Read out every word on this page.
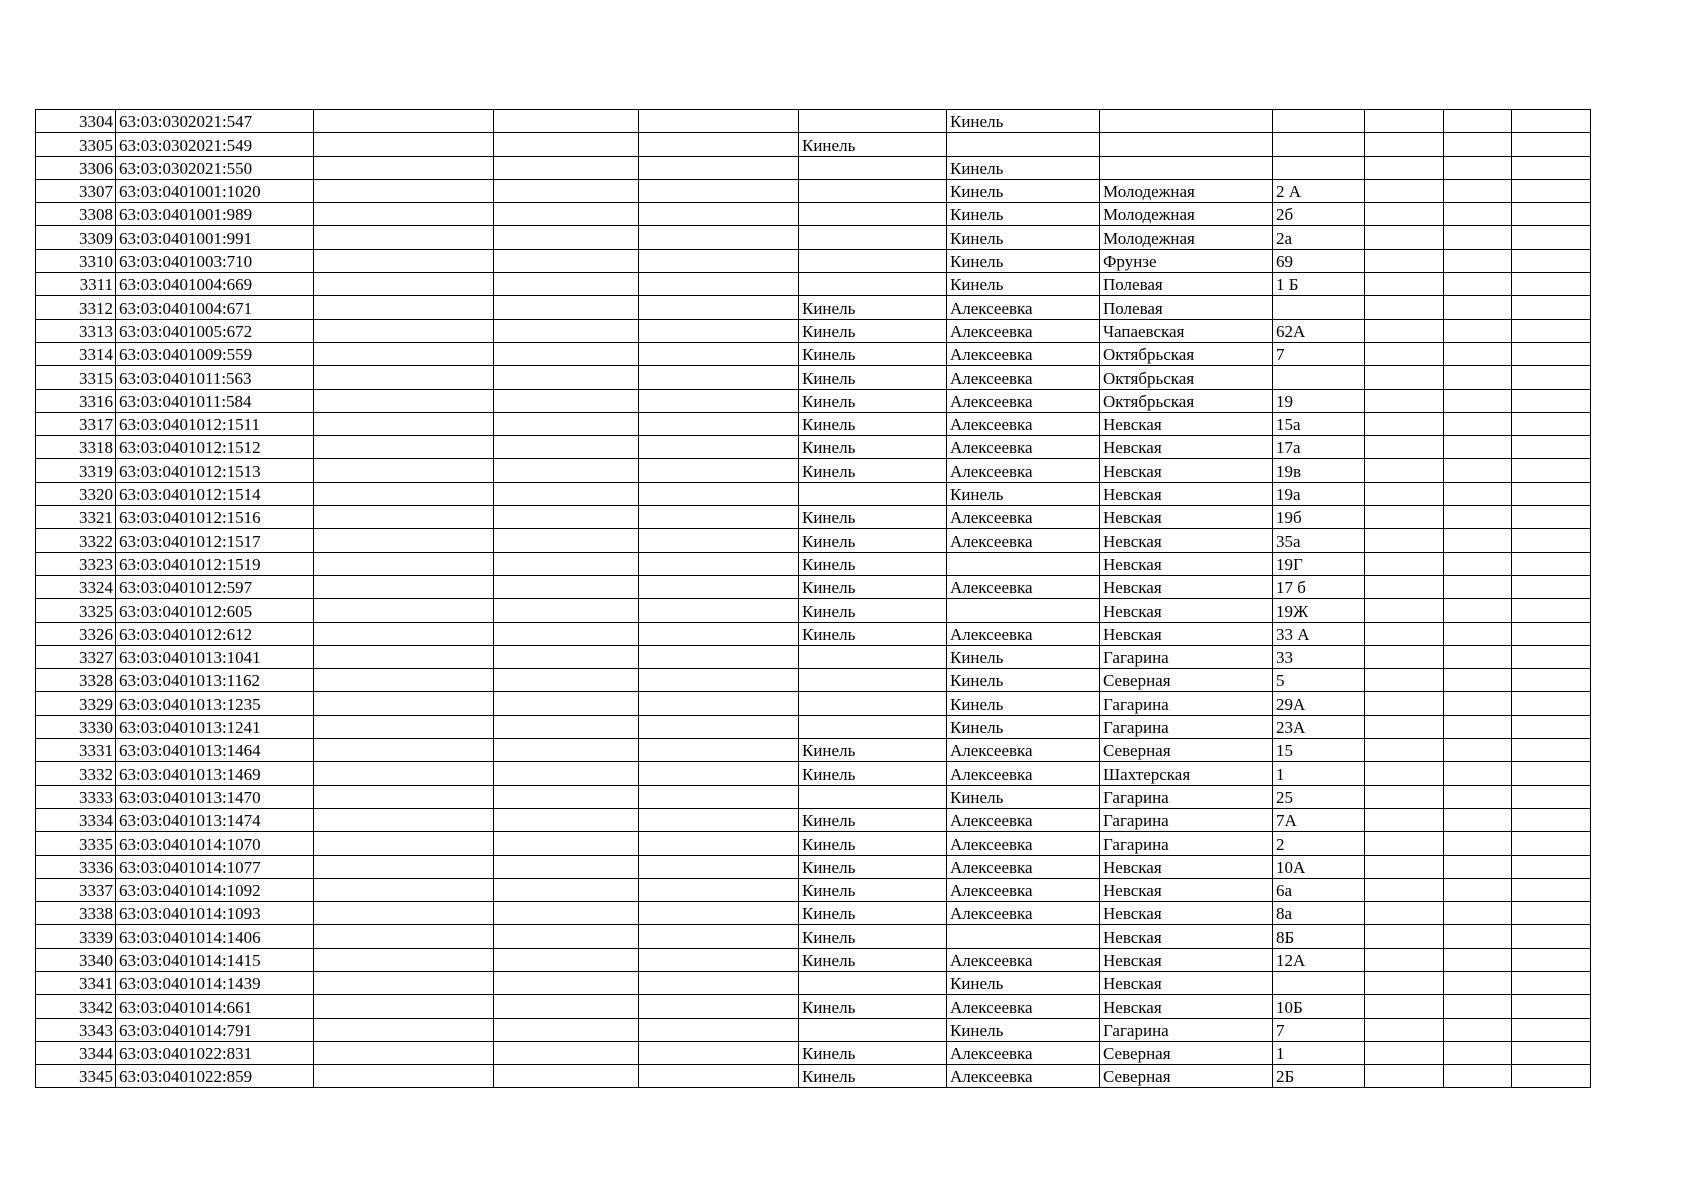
3304	63:03:0302021:547					Кинель					
3305	63:03:0302021:549				Кинель						
3306	63:03:0302021:550					Кинель					
3307	63:03:0401001:1020					Кинель	Молодежная	2 А			
3308	63:03:0401001:989					Кинель	Молодежная	2б			
3309	63:03:0401001:991					Кинель	Молодежная	2а			
3310	63:03:0401003:710					Кинель	Фрунзе	69			
3311	63:03:0401004:669					Кинель	Полевая	1 Б			
3312	63:03:0401004:671				Кинель	Алексеевка	Полевая				
3313	63:03:0401005:672				Кинель	Алексеевка	Чапаевская	62А			
3314	63:03:0401009:559				Кинель	Алексеевка	Октябрьская	7			
3315	63:03:0401011:563				Кинель	Алексеевка	Октябрьская				
3316	63:03:0401011:584				Кинель	Алексеевка	Октябрьская	19			
3317	63:03:0401012:1511				Кинель	Алексеевка	Невская	15а			
3318	63:03:0401012:1512				Кинель	Алексеевка	Невская	17а			
3319	63:03:0401012:1513				Кинель	Алексеевка	Невская	19в			
3320	63:03:0401012:1514					Кинель	Невская	19а			
3321	63:03:0401012:1516				Кинель	Алексеевка	Невская	19б			
3322	63:03:0401012:1517				Кинель	Алексеевка	Невская	35а			
3323	63:03:0401012:1519				Кинель		Невская	19Г			
3324	63:03:0401012:597				Кинель	Алексеевка	Невская	17 б			
3325	63:03:0401012:605				Кинель		Невская	19Ж			
3326	63:03:0401012:612				Кинель	Алексеевка	Невская	33 А			
3327	63:03:0401013:1041					Кинель	Гагарина	33			
3328	63:03:0401013:1162					Кинель	Северная	5			
3329	63:03:0401013:1235					Кинель	Гагарина	29А			
3330	63:03:0401013:1241					Кинель	Гагарина	23А			
3331	63:03:0401013:1464				Кинель	Алексеевка	Северная	15			
3332	63:03:0401013:1469				Кинель	Алексеевка	Шахтерская	1			
3333	63:03:0401013:1470					Кинель	Гагарина	25			
3334	63:03:0401013:1474				Кинель	Алексеевка	Гагарина	7А			
3335	63:03:0401014:1070				Кинель	Алексеевка	Гагарина	2			
3336	63:03:0401014:1077				Кинель	Алексеевка	Невская	10А			
3337	63:03:0401014:1092				Кинель	Алексеевка	Невская	6а			
3338	63:03:0401014:1093				Кинель	Алексеевка	Невская	8а			
3339	63:03:0401014:1406				Кинель		Невская	8Б			
3340	63:03:0401014:1415				Кинель	Алексеевка	Невская	12А			
3341	63:03:0401014:1439					Кинель	Невская				
3342	63:03:0401014:661				Кинель	Алексеевка	Невская	10Б			
3343	63:03:0401014:791					Кинель	Гагарина	7			
3344	63:03:0401022:831				Кинель	Алексеевка	Северная	1			
3345	63:03:0401022:859				Кинель	Алексеевка	Северная	2Б			
